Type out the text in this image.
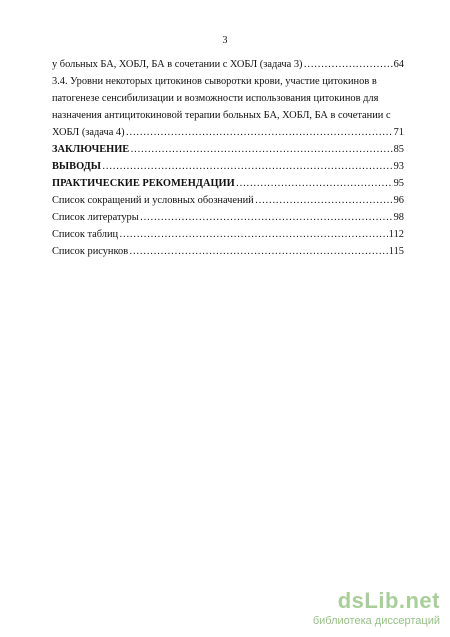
3
у больных БА, ХОБЛ, БА в сочетании с ХОБЛ (задача 3) ……………………………………………………………………………………………………………………………………………………………………	64
3.4. Уровни некоторых цитокинов сыворотки крови, участие цитокинов в
патогенезе сенсибилизации и возможности использования цитокинов для
назначения антицитокиновой терапии больных БА, ХОБЛ, БА в сочетании с
ХОБЛ (задача 4) ……………………………………………………………………………………………………………………………………………………………………	71
ЗАКЛЮЧЕНИЕ ……………………………………………………………………………………………………………………………………………………………………	85
ВЫВОДЫ ……………………………………………………………………………………………………………………………………………………………………	93
ПРАКТИЧЕСКИЕ РЕКОМЕНДАЦИИ ……………………………………………………………………………………………………………………………………………………………………	95
Список сокращений и условных обозначений ……………………………………………………………………………………………………………………………………………………………………	96
Список литературы ……………………………………………………………………………………………………………………………………………………………………	98
Список таблиц ……………………………………………………………………………………………………………………………………………………………………	112
Список рисунков ……………………………………………………………………………………………………………………………………………………………………	115
dsLib.net
библиотека диссертаций
